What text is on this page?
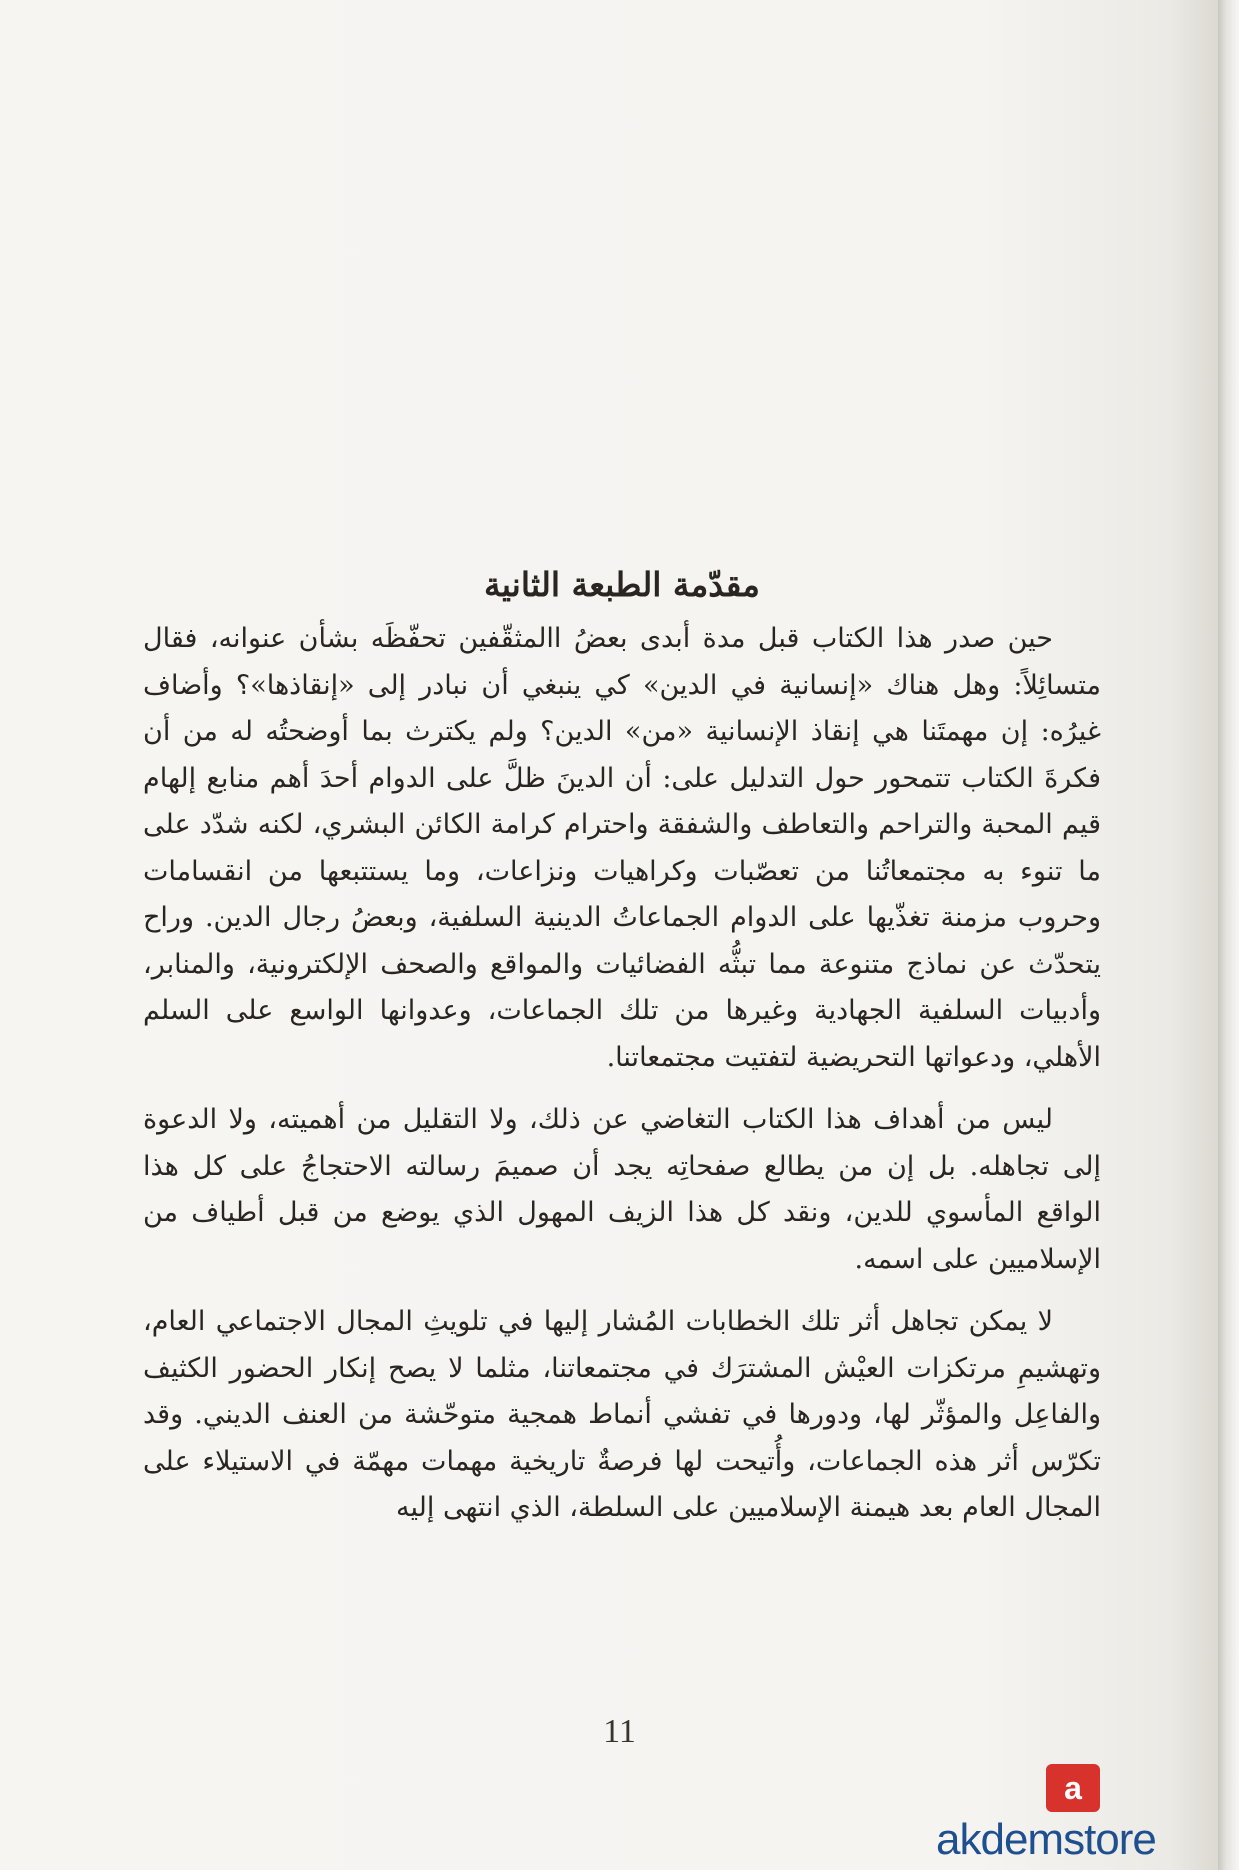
مقدّمة الطبعة الثانية

حين صدر هذا الكتاب قبل مدة أبدى بعضُ االمثقّفين تحفّظَه بشأن عنوانه، فقال متسائِلاً: وهل هناك «إنسانية في الدين» كي ينبغي أن نبادر إلى «إنقاذها»؟ وأضاف غيرُه: إن مهمتَنا هي إنقاذ الإنسانية «من» الدين؟ ولم يكترث بما أوضحتُه له من أن فكرةَ الكتاب تتمحور حول التدليل على: أن الدينَ ظلَّ على الدوام أحدَ أهم منابع إلهام قيم المحبة والتراحم والتعاطف والشفقة واحترام كرامة الكائن البشري، لكنه شدّد على ما تنوء به مجتمعاتُنا من تعصّبات وكراهيات ونزاعات، وما يستتبعها من انقسامات وحروب مزمنة تغذّيها على الدوام الجماعاتُ الدينية السلفية، وبعضُ رجال الدين. وراح يتحدّث عن نماذج متنوعة مما تبثُّه الفضائيات والمواقع والصحف الإلكترونية، والمنابر، وأدبيات السلفية الجهادية وغيرها من تلك الجماعات، وعدوانها الواسع على السلم الأهلي، ودعواتها التحريضية لتفتيت مجتمعاتنا.

ليس من أهداف هذا الكتاب التغاضي عن ذلك، ولا التقليل من أهميته، ولا الدعوة إلى تجاهله. بل إن من يطالع صفحاتِه يجد أن صميمَ رسالته الاحتجاجُ على كل هذا الواقع المأسوي للدين، ونقد كل هذا الزيف المهول الذي يوضع من قبل أطياف من الإسلاميين على اسمه.

لا يمكن تجاهل أثر تلك الخطابات المُشار إليها في تلويثِ المجال الاجتماعي العام، وتهشيمِ مرتكزات العيْش المشترَك في مجتمعاتنا، مثلما لا يصح إنكار الحضور الكثيف والفاعِل والمؤثّر لها، ودورها في تفشي أنماط همجية متوحّشة من العنف الديني. وقد تكرّس أثر هذه الجماعات، وأُتيحت لها فرصةٌ تاريخية مهمات مهمّة في الاستيلاء على المجال العام بعد هيمنة الإسلاميين على السلطة، الذي انتهى إليه

11
a
akdemstore
